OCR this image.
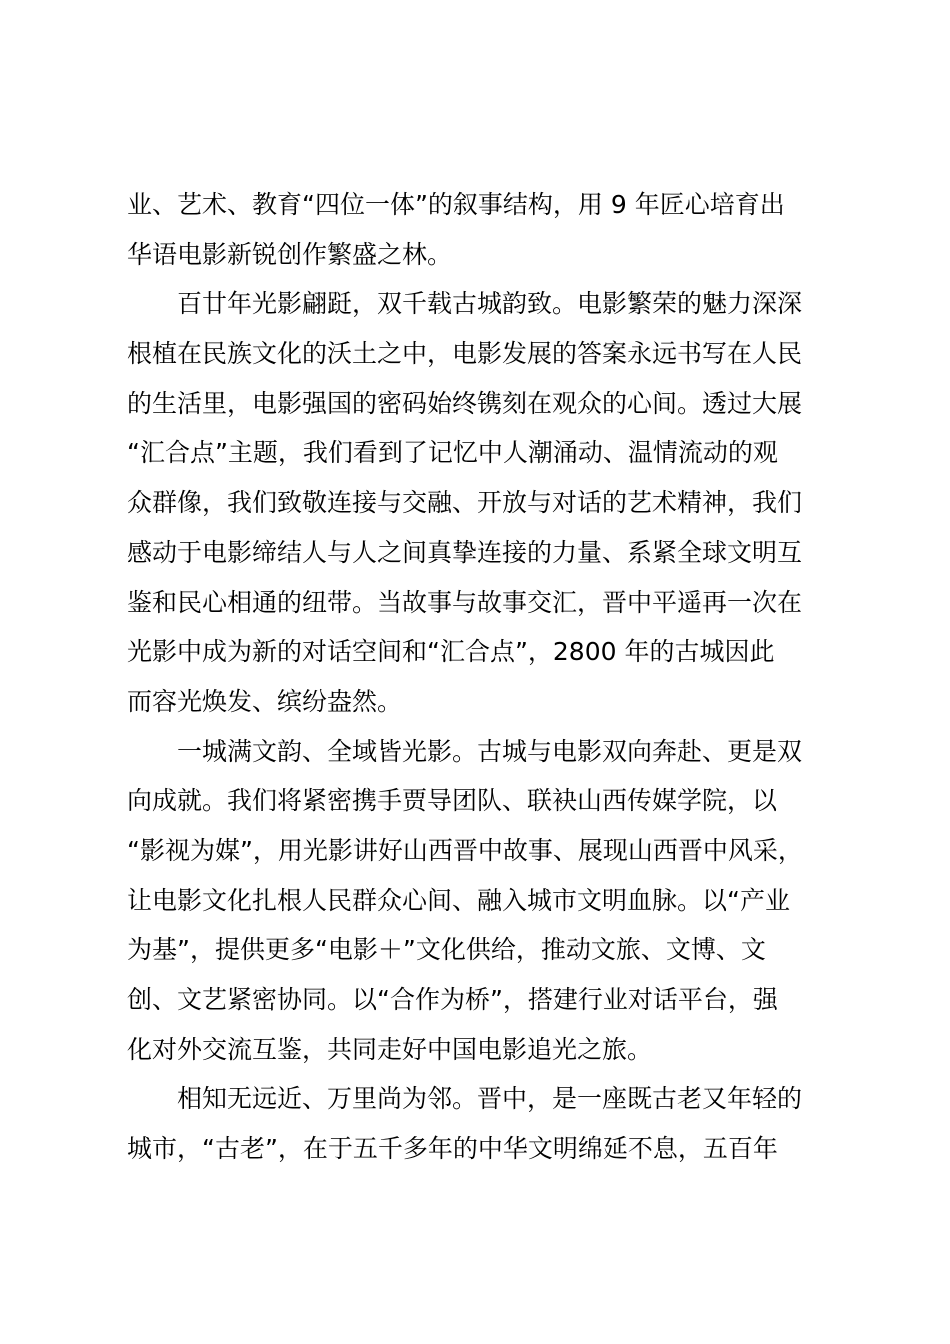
业、艺术、教育“四位一体”的叙事结构，用 9 年匠心培育出
华语电影新锐创作繁盛之林。
　　百廿年光影翩跹，双千载古城韵致。电影繁荣的魅力深深
根植在民族文化的沃土之中，电影发展的答案永远书写在人民
的生活里，电影强国的密码始终镌刻在观众的心间。透过大展
“汇合点”主题，我们看到了记忆中人潮涌动、温情流动的观
众群像，我们致敬连接与交融、开放与对话的艺术精神，我们
感动于电影缔结人与人之间真挚连接的力量、系紧全球文明互
鉴和民心相通的纽带。当故事与故事交汇，晋中平遥再一次在
光影中成为新的对话空间和“汇合点”，2800 年的古城因此
而容光焕发、缤纷盎然。
　　一城满文韵、全域皆光影。古城与电影双向奔赴、更是双
向成就。我们将紧密携手贾导团队、联袂山西传媒学院，以
“影视为媒”，用光影讲好山西晋中故事、展现山西晋中风采，
让电影文化扎根人民群众心间、融入城市文明血脉。以“产业
为基”，提供更多“电影＋”文化供给，推动文旅、文博、文
创、文艺紧密协同。以“合作为桥”，搭建行业对话平台，强
化对外交流互鉴，共同走好中国电影追光之旅。
　　相知无远近、万里尚为邻。晋中，是一座既古老又年轻的
城市，“古老”，在于五千多年的中华文明绵延不息，五百年
